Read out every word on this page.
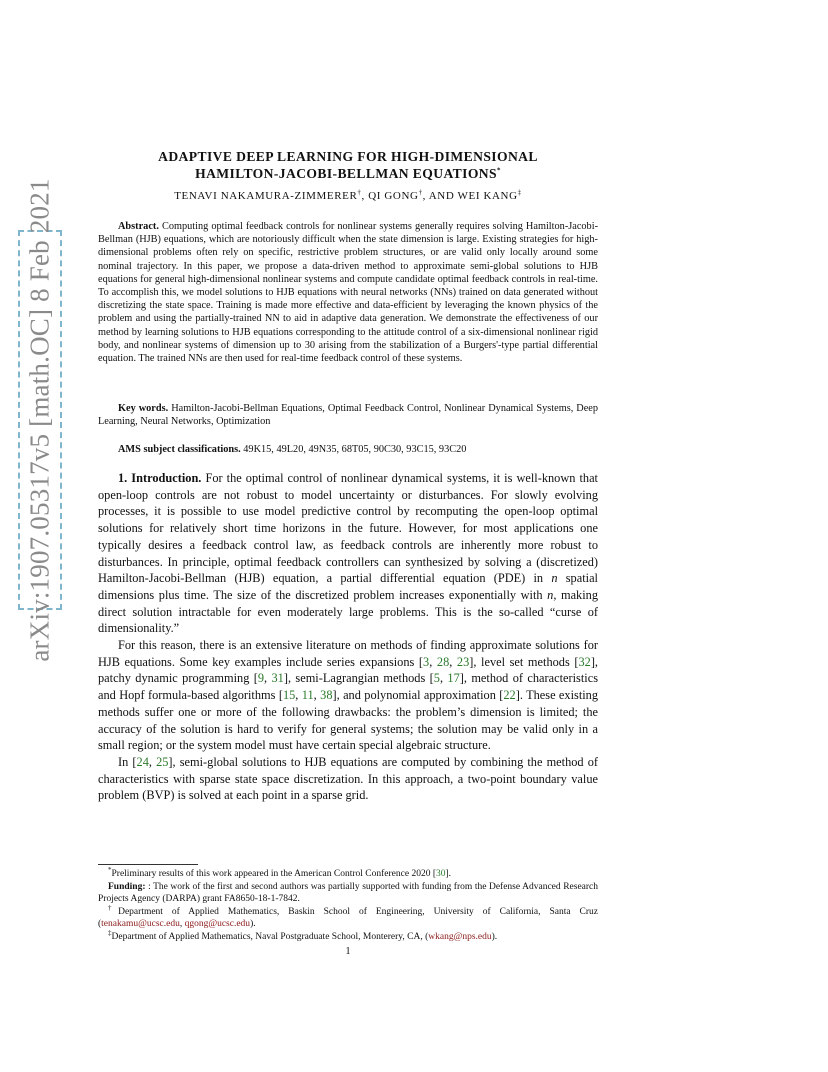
arXiv:1907.05317v5 [math.OC] 8 Feb 2021
ADAPTIVE DEEP LEARNING FOR HIGH-DIMENSIONAL
HAMILTON-JACOBI-BELLMAN EQUATIONS*
TENAVI NAKAMURA-ZIMMERER†, QI GONG†, AND WEI KANG‡
Abstract. Computing optimal feedback controls for nonlinear systems generally requires solving Hamilton-Jacobi-Bellman (HJB) equations, which are notoriously difficult when the state dimension is large. Existing strategies for high-dimensional problems often rely on specific, restrictive problem structures, or are valid only locally around some nominal trajectory. In this paper, we propose a data-driven method to approximate semi-global solutions to HJB equations for general high-dimensional nonlinear systems and compute candidate optimal feedback controls in real-time. To accomplish this, we model solutions to HJB equations with neural networks (NNs) trained on data generated without discretizing the state space. Training is made more effective and data-efficient by leveraging the known physics of the problem and using the partially-trained NN to aid in adaptive data generation. We demonstrate the effectiveness of our method by learning solutions to HJB equations corresponding to the attitude control of a six-dimensional nonlinear rigid body, and nonlinear systems of dimension up to 30 arising from the stabilization of a Burgers'-type partial differential equation. The trained NNs are then used for real-time feedback control of these systems.
Key words. Hamilton-Jacobi-Bellman Equations, Optimal Feedback Control, Nonlinear Dynamical Systems, Deep Learning, Neural Networks, Optimization
AMS subject classifications. 49K15, 49L20, 49N35, 68T05, 90C30, 93C15, 93C20

1. Introduction. For the optimal control of nonlinear dynamical systems, it is well-known that open-loop controls are not robust to model uncertainty or disturbances. For slowly evolving processes, it is possible to use model predictive control by recomputing the open-loop optimal solutions for relatively short time horizons in the future. However, for most applications one typically desires a feedback control law, as feedback controls are inherently more robust to disturbances. In principle, optimal feedback controllers can synthesized by solving a (discretized) Hamilton-Jacobi-Bellman (HJB) equation, a partial differential equation (PDE) in n spatial dimensions plus time. The size of the discretized problem increases exponentially with n, making direct solution intractable for even moderately large problems. This is the so-called “curse of dimensionality.”

For this reason, there is an extensive literature on methods of finding approximate solutions for HJB equations. Some key examples include series expansions [3, 28, 23], level set methods [32], patchy dynamic programming [9, 31], semi-Lagrangian methods [5, 17], method of characteristics and Hopf formula-based algorithms [15, 11, 38], and polynomial approximation [22]. These existing methods suffer one or more of the following drawbacks: the problem’s dimension is limited; the accuracy of the solution is hard to verify for general systems; the solution may be valid only in a small region; or the system model must have certain special algebraic structure.

In [24, 25], semi-global solutions to HJB equations are computed by combining the method of characteristics with sparse state space discretization. In this approach, a two-point boundary value problem (BVP) is solved at each point in a sparse grid.

*Preliminary results of this work appeared in the American Control Conference 2020 [30].

Funding: : The work of the first and second authors was partially supported with funding from the Defense Advanced Research Projects Agency (DARPA) grant FA8650-18-1-7842.

†Department of Applied Mathematics, Baskin School of Engineering, University of California, Santa Cruz (tenakamu@ucsc.edu, qgong@ucsc.edu).

‡Department of Applied Mathematics, Naval Postgraduate School, Monterery, CA, (wkang@nps.edu).

1
